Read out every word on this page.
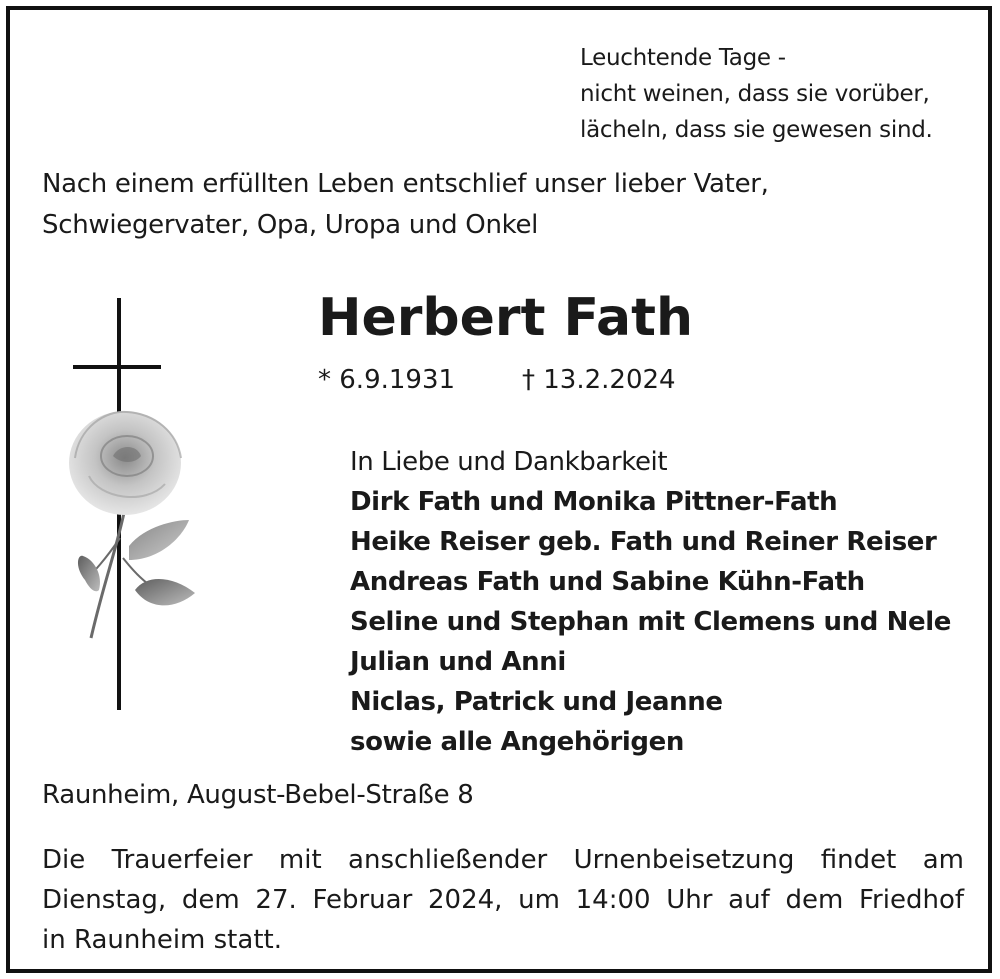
Leuchtende Tage -
nicht weinen, dass sie vorüber,
lächeln, dass sie gewesen sind.
Nach einem erfüllten Leben entschlief unser lieber Vater,
Schwiegervater, Opa, Uropa und Onkel
Herbert Fath
* 6.9.1931	† 13.2.2024
In Liebe und Dankbarkeit
Dirk Fath und Monika Pittner-Fath
Heike Reiser geb. Fath und Reiner Reiser
Andreas Fath und Sabine Kühn-Fath
Seline und Stephan mit Clemens und Nele
Julian und Anni
Niclas, Patrick und Jeanne
sowie alle Angehörigen
Raunheim, August-Bebel-Straße 8
Die Trauerfeier mit anschließender Urnenbeisetzung findet am
Dienstag, dem 27. Februar 2024, um 14:00 Uhr auf dem Friedhof
in Raunheim statt.
